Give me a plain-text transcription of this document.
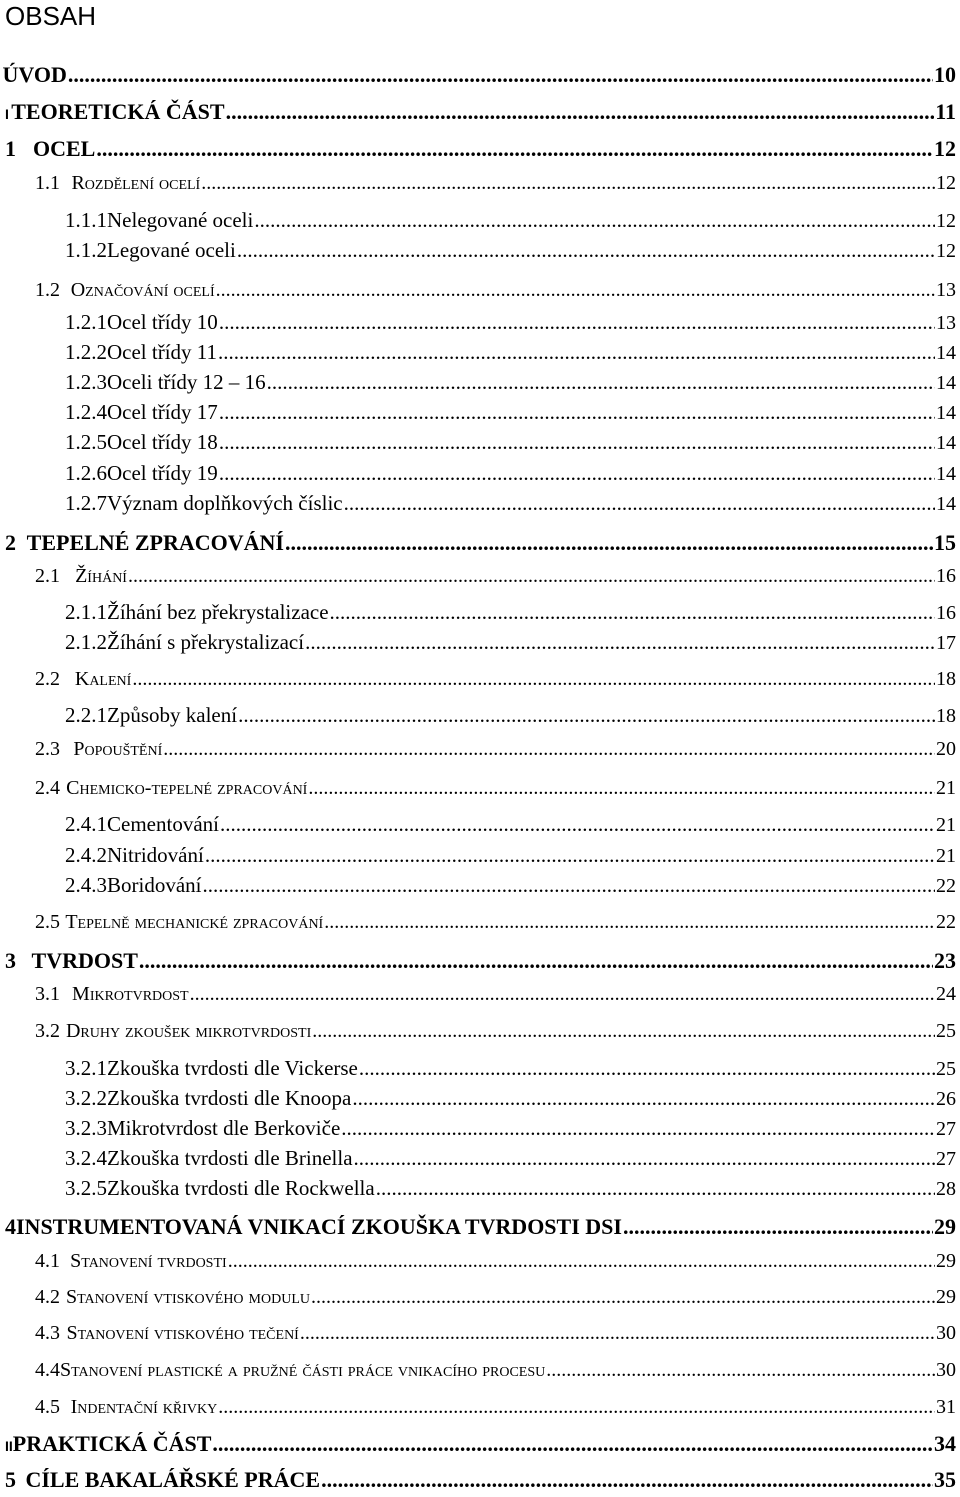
OBSAH
ÚVOD .....	10
I TEORETICKÁ ČÁST .....	11
1 OCEL .....	12
1.1 Rozdělení ocelí .....	12
1.1.1 Nelegované oceli .....	12
1.1.2 Legované oceli .....	12
1.2 Označování ocelí .....	13
1.2.1 Ocel třídy 10 .....	13
1.2.2 Ocel třídy 11 .....	14
1.2.3 Oceli třídy 12 – 16 .....	14
1.2.4 Ocel třídy 17 .....	14
1.2.5 Ocel třídy 18 .....	14
1.2.6 Ocel třídy 19 .....	14
1.2.7 Význam doplňkových číslic .....	14
2 TEPELNÉ ZPRACOVÁNÍ .....	15
2.1 Žíhání .....	16
2.1.1 Žíhání bez překrystalizace .....	16
2.1.2 Žíhání s překrystalizací .....	17
2.2 Kalení .....	18
2.2.1 Způsoby kalení .....	18
2.3 Popouštění .....	20
2.4 Chemicko-tepelné zpracování .....	21
2.4.1 Cementování .....	21
2.4.2 Nitridování .....	21
2.4.3 Boridování .....	22
2.5 Tepelně mechanické zpracování .....	22
3 TVRDOST .....	23
3.1 Mikrotvrdost .....	24
3.2 Druhy zkoušek mikrotvrdosti .....	25
3.2.1 Zkouška tvrdosti dle Vickerse .....	25
3.2.2 Zkouška tvrdosti dle Knoopa .....	26
3.2.3 Mikrotvrdost dle Berkoviče .....	27
3.2.4 Zkouška tvrdosti dle Brinella .....	27
3.2.5 Zkouška tvrdosti dle Rockwella .....	28
4 INSTRUMENTOVANÁ VNIKACÍ ZKOUŠKA TVRDOSTI DSI .....	29
4.1 Stanovení tvrdosti .....	29
4.2 Stanovení vtiskového modulu .....	29
4.3 Stanovení vtiskového tečení .....	30
4.4 Stanovení plastické a pružné části práce vnikacího procesu .....	30
4.5 Indentační křivky .....	31
II PRAKTICKÁ ČÁST .....	34
5 CÍLE BAKALÁŘSKÉ PRÁCE .....	35
